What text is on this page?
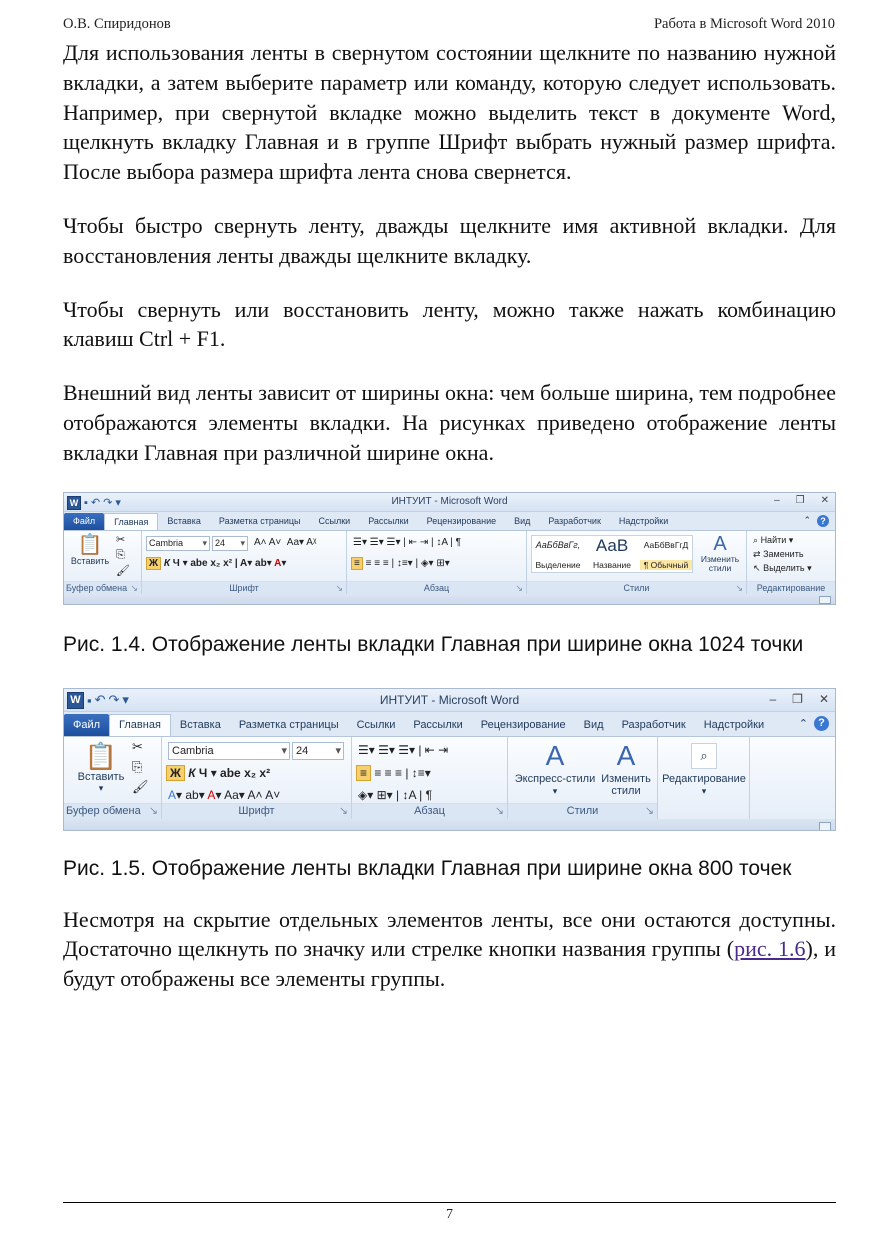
О.В. Спиридонов	Работа в Microsoft Word 2010

Для использования ленты в свернутом состоянии щелкните по названию нужной вкладки, а затем выберите параметр или команду, которую следует использовать. Например, при свернутой вкладке можно выделить текст в документе Word, щелкнуть вкладку Главная и в группе Шрифт выбрать нужный размер шрифта. После выбора размера шрифта лента снова свернется.

Чтобы быстро свернуть ленту, дважды щелкните имя активной вкладки. Для восстановления ленты дважды щелкните вкладку.

Чтобы свернуть или восстановить ленту, можно также нажать комбинацию клавиш Ctrl + F1.

Внешний вид ленты зависит от ширины окна: чем больше ширина, тем подробнее отображаются элементы вкладки. На рисунках приведено отображение ленты вкладки Главная при различной ширине окна.

W ▪ ↶ ↷ ▾	ИНТУИТ - Microsoft Word	– ❐ ✕
Файл	Главная	Вставка	Разметка страницы	Ссылки	Рассылки	Рецензирование	Вид	Разработчик	Надстройки	⌃	?
📋
Вставить
✂
⎘
🖌
Буфер обмена ↘
Cambria ▾ 24 ▾ A˄ A˅  Aa▾ Aᵡ
Ж К Ч ▾ abe x₂ x² | A▾ ab▾ A▾
Шрифт	↘
☰▾ ☰▾ ☰▾ | ⇤ ⇥ | ↕A | ¶
≡ ≡ ≡ ≡ | ↕≡▾ | ◈▾ ⊞▾
Абзац	↘
АаБбВвГг, АаВ	АаБбВвГгД
Выделение	Название	¶ Обычный
A
Изменить стили
Стили	↘
⌕ Найти ▾
⇄ Заменить
↖ Выделить ▾
Редактирование

Рис. 1.4. Отображение ленты вкладки Главная при ширине окна 1024 точки

W ▪ ↶ ↷ ▾	ИНТУИТ - Microsoft Word	– ❐ ✕
Файл	Главная	Вставка	Разметка страницы	Ссылки	Рассылки	Рецензирование	Вид	Разработчик	Надстройки	⌃ ?
📋
Вставить
▾
✂
⎘
🖌
Буфер обмена ↘
Cambria	▾ 24 ▾
Ж К Ч ▾ abe x₂ x²
A▾ ab▾ A▾ Aa▾ A˄ A˅
Шрифт	↘
☰▾ ☰▾ ☰▾ | ⇤ ⇥
≡ ≡ ≡ ≡ | ↕≡▾
◈▾ ⊞▾ | ↕A | ¶
Абзац	↘
A
Экспресс-стили
▾
A
Изменить стили
Стили	↘
⌕
Редактирование
▾

Рис. 1.5. Отображение ленты вкладки Главная при ширине окна 800 точек

Несмотря на скрытие отдельных элементов ленты, все они остаются доступны. Достаточно щелкнуть по значку или стрелке кнопки названия группы (рис. 1.6), и будут отображены все элементы группы.

7
